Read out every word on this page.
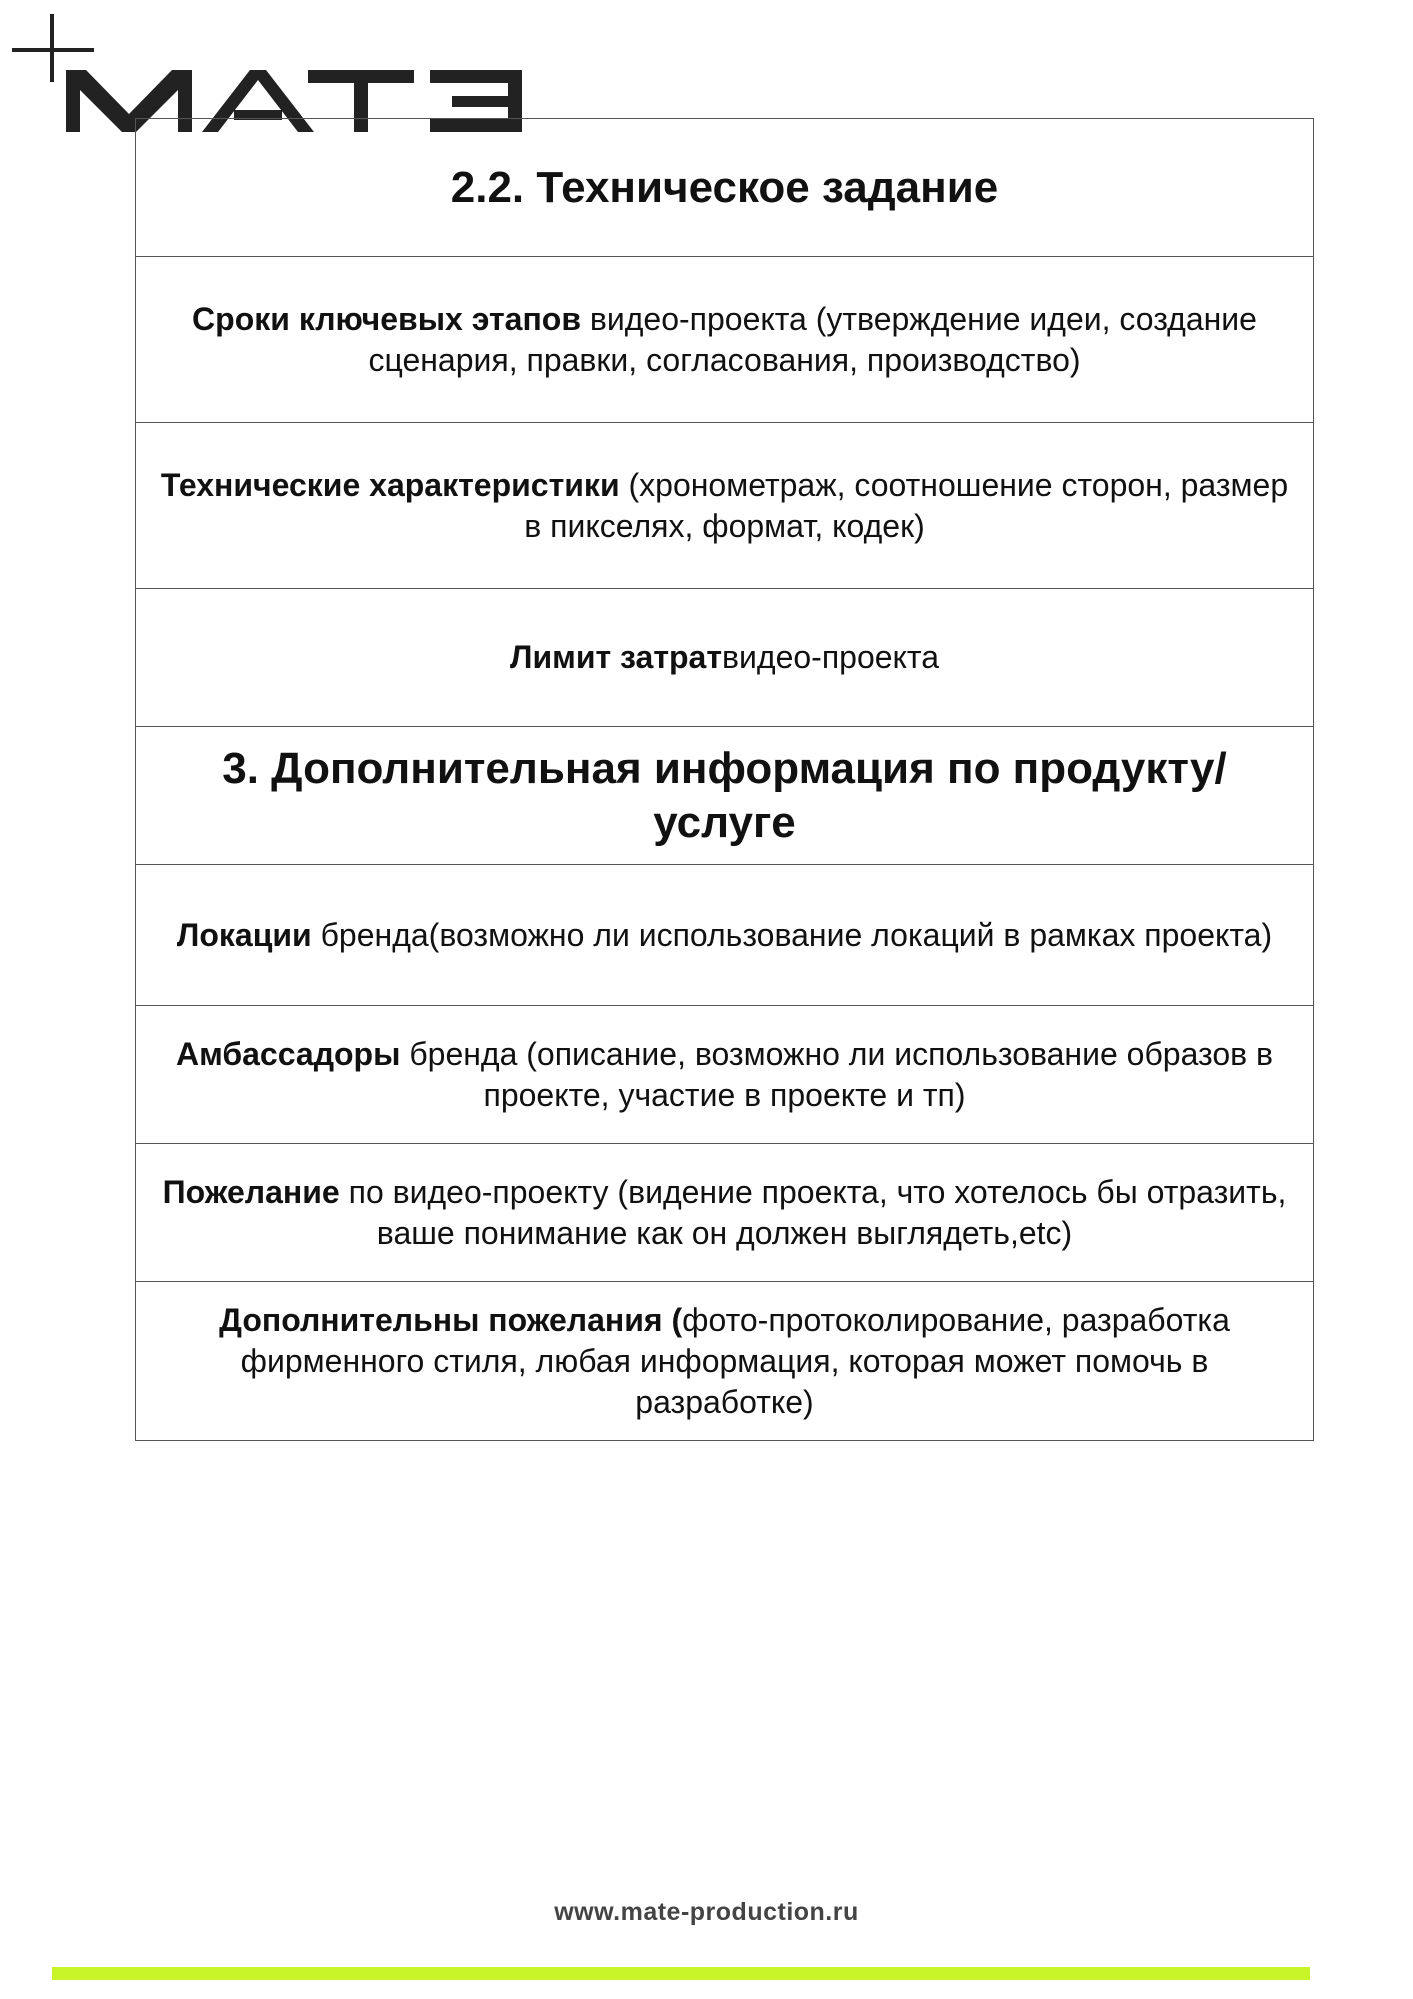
2.2. Техническое задание
Сроки ключевых этапов видео-проекта (утверждение идеи, создание сценария, правки, согласования, производство)
Технические характеристики (хронометраж, соотношение сторон, размер в пикселях, формат, кодек)
Лимит затратвидео-проекта
3. Дополнительная информация по продукту/услуге
Локации бренда(возможно ли использование локаций в рамках проекта)
Амбассадоры бренда (описание, возможно ли использование образов в проекте, участие в проекте и тп)
Пожелание по видео-проекту (видение проекта, что хотелось бы отразить, ваше понимание как он должен выглядеть,etc)
Дополнительны пожелания (фото-протоколирование, разработка фирменного стиля, любая информация, которая может помочь в разработке)
www.mate-production.ru
